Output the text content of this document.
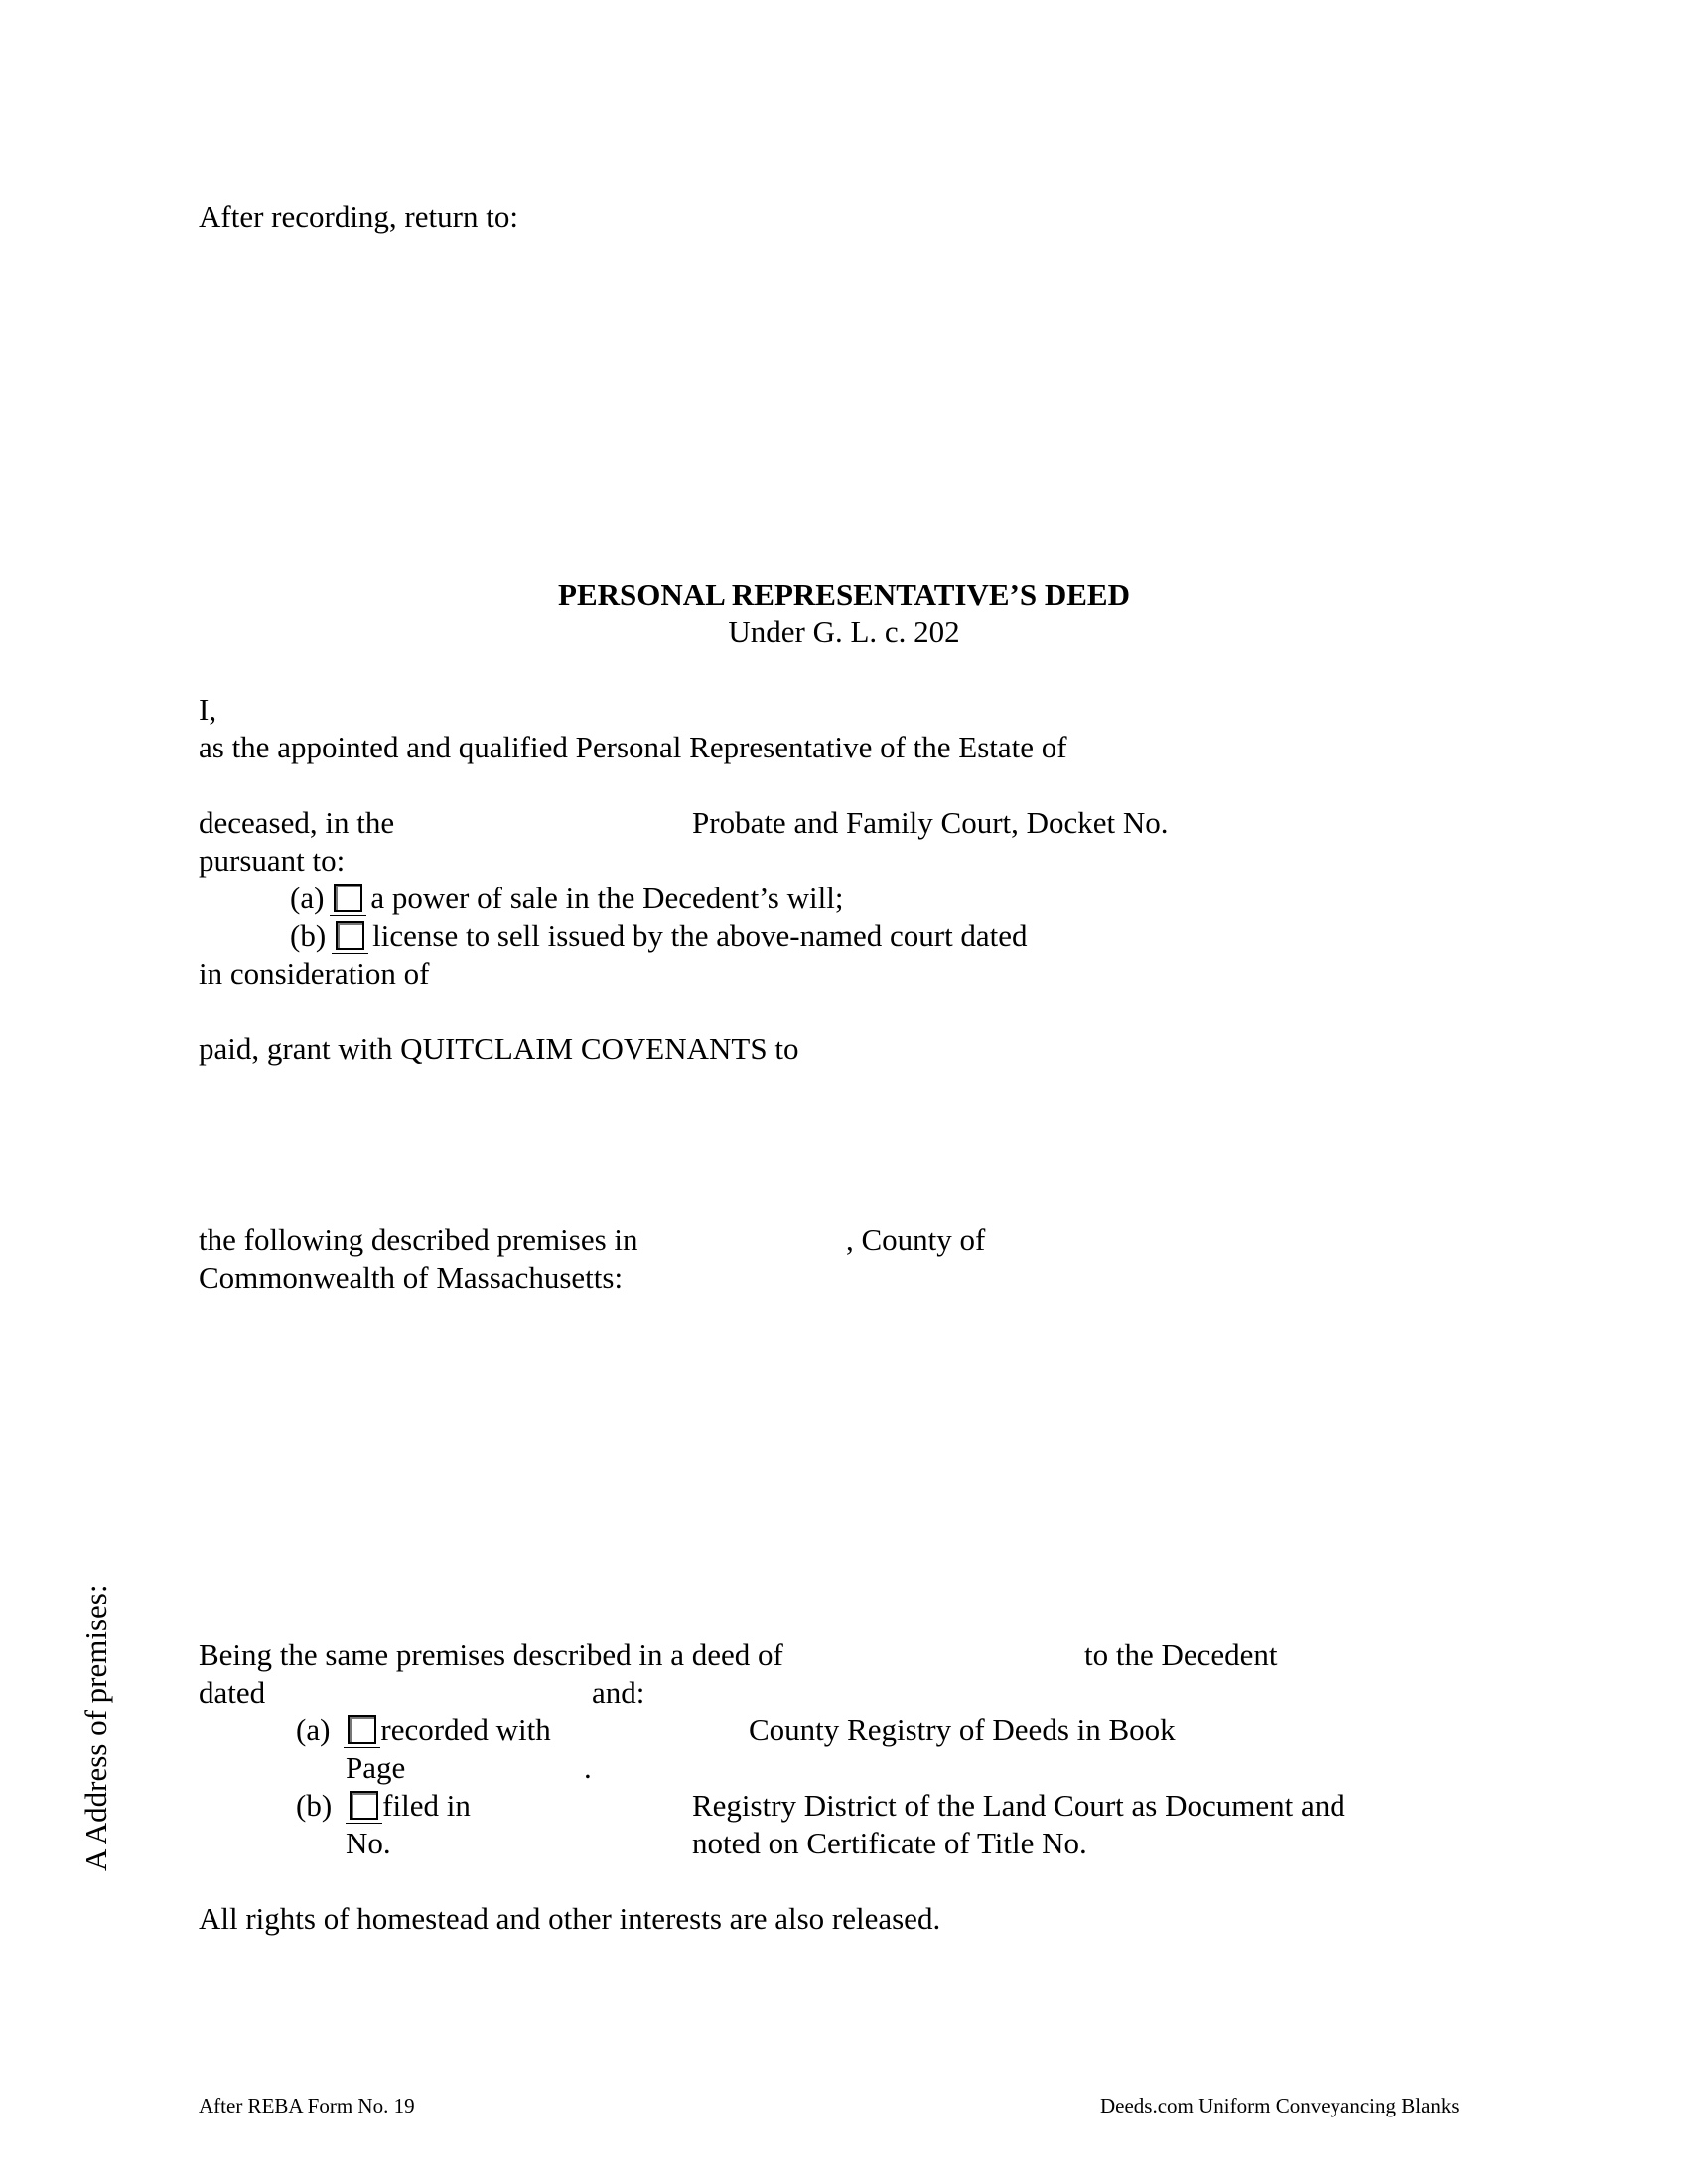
After recording, return to:
PERSONAL REPRESENTATIVE’S DEED
Under G. L. c. 202
I,
as the appointed and qualified Personal Representative of the Estate of
deceased, in the	Probate and Family Court, Docket No.
pursuant to:
(a) a power of sale in the Decedent’s will;
(b) license to sell issued by the above-named court dated
in consideration of
paid, grant with QUITCLAIM COVENANTS to
the following described premises in	, County of
Commonwealth of Massachusetts:
Being the same premises described in a deed of	to the Decedent
dated	and:
(a) recorded with	County Registry of Deeds in Book
Page	.
(b) filed in	Registry District of the Land Court as Document and
No.	noted on Certificate of Title No.
All rights of homestead and other interests are also released.
A Address of premises:
After REBA Form No. 19	Deeds.com Uniform Conveyancing Blanks
